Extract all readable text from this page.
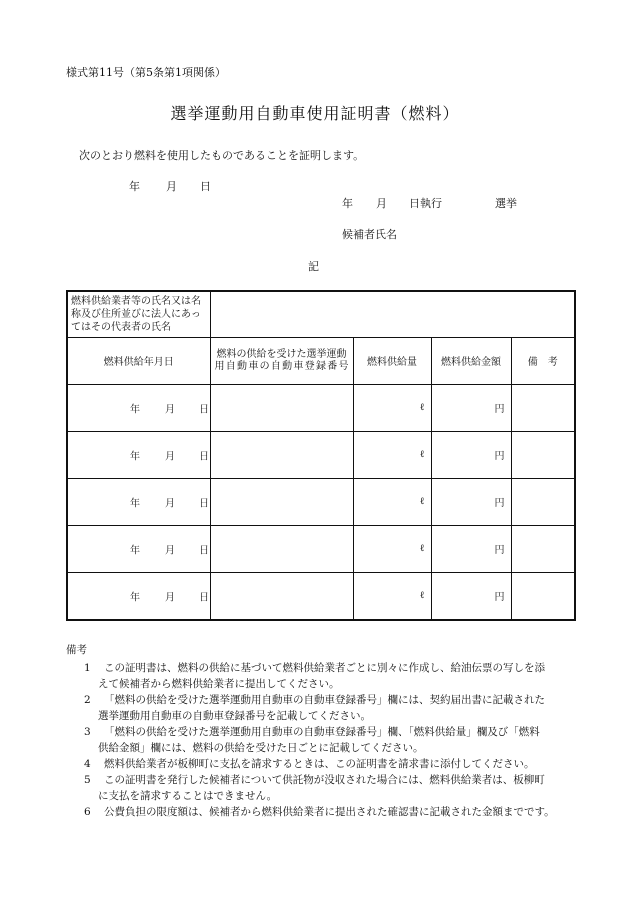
様式第11号（第5条第1項関係）
選挙運動用自動車使用証明書（燃料）
次のとおり燃料を使用したものであることを証明します。
年 月 日
年 月 日執行	選挙
候補者氏名
記
燃料供給業者等の氏名又は名称及び住所並びに法人にあってはその代表者の氏名				
燃料供給年月日	燃料の供給を受けた選挙運動用自動車の自動車登録番号	燃料供給量	燃料供給金額	備　考

年 月 日		ℓ	円	

年 月 日		ℓ	円	

年 月 日		ℓ	円	

年 月 日		ℓ	円	

年 月 日		ℓ	円	
備考
1	この証明書は、燃料の供給に基づいて燃料供給業者ごとに別々に作成し、給油伝票の写しを添
えて候補者から燃料供給業者に提出してください。
2	「燃料の供給を受けた選挙運動用自動車の自動車登録番号」欄には、契約届出書に記載された
選挙運動用自動車の自動車登録番号を記載してください。
3	「燃料の供給を受けた選挙運動用自動車の自動車登録番号」欄、「燃料供給量」欄及び「燃料
供給金額」欄には、燃料の供給を受けた日ごとに記載してください。
4	燃料供給業者が板柳町に支払を請求するときは、この証明書を請求書に添付してください。
5	この証明書を発行した候補者について供託物が没収された場合には、燃料供給業者は、板柳町
に支払を請求することはできません。
6	公費負担の限度額は、候補者から燃料供給業者に提出された確認書に記載された金額までです。
